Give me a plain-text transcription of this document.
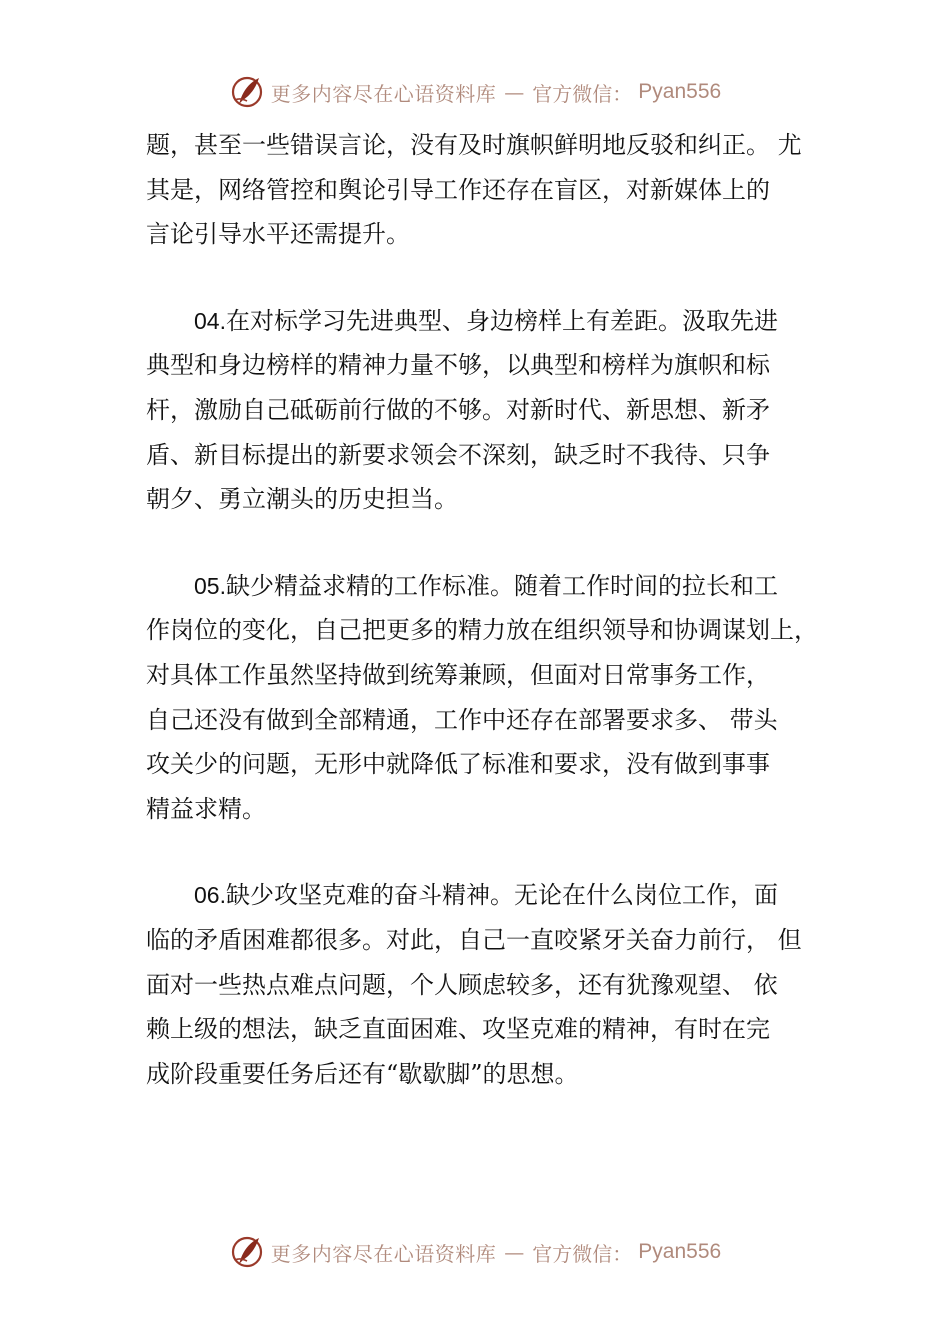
更多内容尽在心语资料库 — 官方微信： Pyan556
题，甚至一些错误言论，没有及时旗帜鲜明地反驳和纠正。 尤
其是，网络管控和舆论引导工作还存在盲区，对新媒体上的
言论引导水平还需提升。
04.在对标学习先进典型、身边榜样上有差距。汲取先进
典型和身边榜样的精神力量不够，以典型和榜样为旗帜和标
杆，激励自己砥砺前行做的不够。对新时代、新思想、新矛
盾、新目标提出的新要求领会不深刻，缺乏时不我待、只争
朝夕、勇立潮头的历史担当。
05.缺少精益求精的工作标准。随着工作时间的拉长和工
作岗位的变化，自己把更多的精力放在组织领导和协调谋划上，
对具体工作虽然坚持做到统筹兼顾，但面对日常事务工作，
自己还没有做到全部精通，工作中还存在部署要求多、 带头
攻关少的问题，无形中就降低了标准和要求，没有做到事事
精益求精。
06.缺少攻坚克难的奋斗精神。无论在什么岗位工作，面
临的矛盾困难都很多。对此，自己一直咬紧牙关奋力前行， 但
面对一些热点难点问题，个人顾虑较多，还有犹豫观望、 依
赖上级的想法，缺乏直面困难、攻坚克难的精神，有时在完
成阶段重要任务后还有“歇歇脚”的思想。
更多内容尽在心语资料库 — 官方微信： Pyan556
